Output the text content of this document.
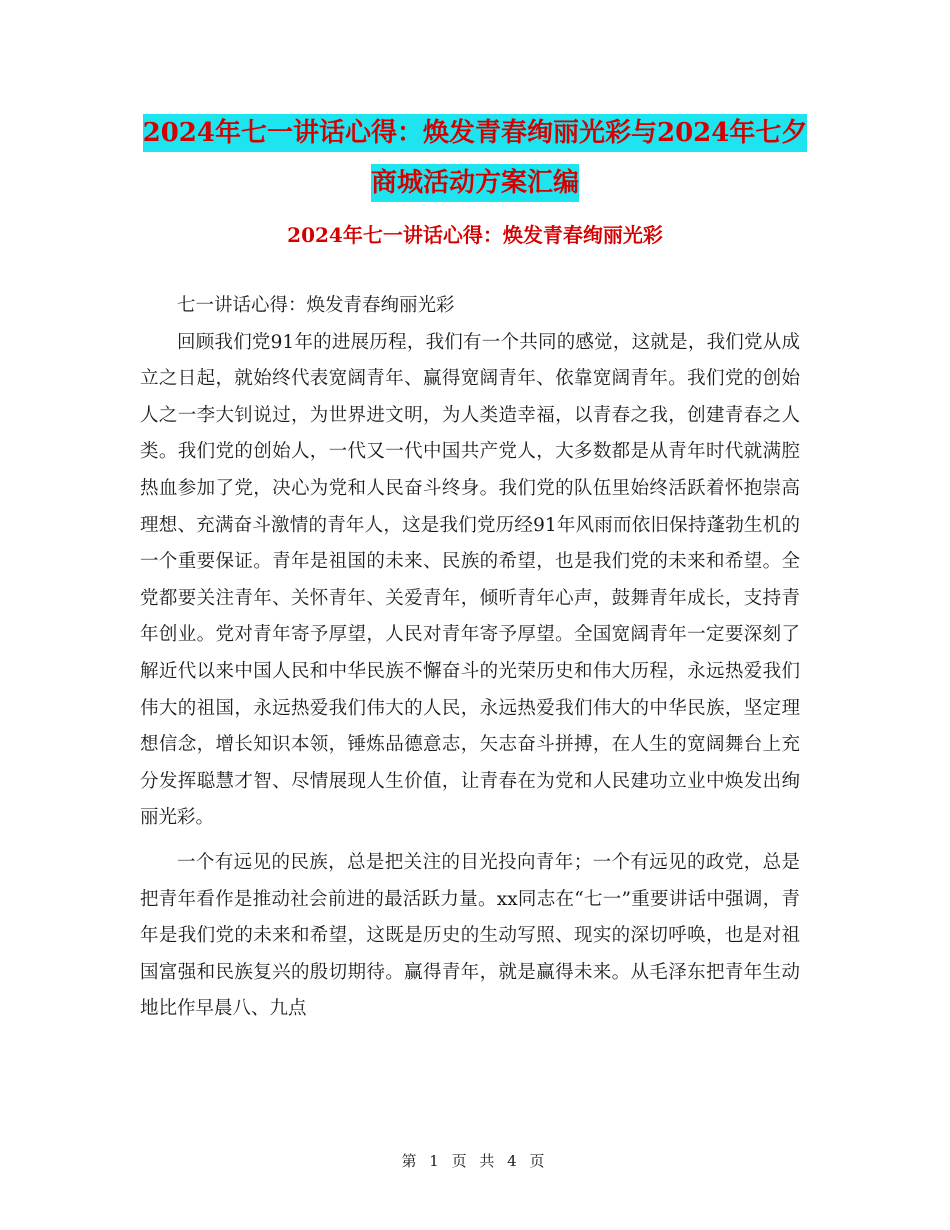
2024年七一讲话心得：焕发青春绚丽光彩与2024年七夕商城活动方案汇编
2024年七一讲话心得：焕发青春绚丽光彩

七一讲话心得：焕发青春绚丽光彩

回顾我们党91年的进展历程，我们有一个共同的感觉，这就是，我们党从成立之日起，就始终代表宽阔青年、赢得宽阔青年、依靠宽阔青年。我们党的创始人之一李大钊说过，为世界进文明，为人类造幸福，以青春之我，创建青春之人类。我们党的创始人，一代又一代中国共产党人，大多数都是从青年时代就满腔热血参加了党，决心为党和人民奋斗终身。我们党的队伍里始终活跃着怀抱崇高理想、充满奋斗激情的青年人，这是我们党历经91年风雨而依旧保持蓬勃生机的一个重要保证。青年是祖国的未来、民族的希望，也是我们党的未来和希望。全党都要关注青年、关怀青年、关爱青年，倾听青年心声，鼓舞青年成长，支持青年创业。党对青年寄予厚望，人民对青年寄予厚望。全国宽阔青年一定要深刻了解近代以来中国人民和中华民族不懈奋斗的光荣历史和伟大历程，永远热爱我们伟大的祖国，永远热爱我们伟大的人民，永远热爱我们伟大的中华民族，坚定理想信念，增长知识本领，锤炼品德意志，矢志奋斗拼搏，在人生的宽阔舞台上充分发挥聪慧才智、尽情展现人生价值，让青春在为党和人民建功立业中焕发出绚丽光彩。

一个有远见的民族，总是把关注的目光投向青年；一个有远见的政党，总是把青年看作是推动社会前进的最活跃力量。xx同志在“七一”重要讲话中强调，青年是我们党的未来和希望，这既是历史的生动写照、现实的深切呼唤，也是对祖国富强和民族复兴的殷切期待。赢得青年，就是赢得未来。从毛泽东把青年生动地比作早晨八、九点

第 1 页 共 4 页
